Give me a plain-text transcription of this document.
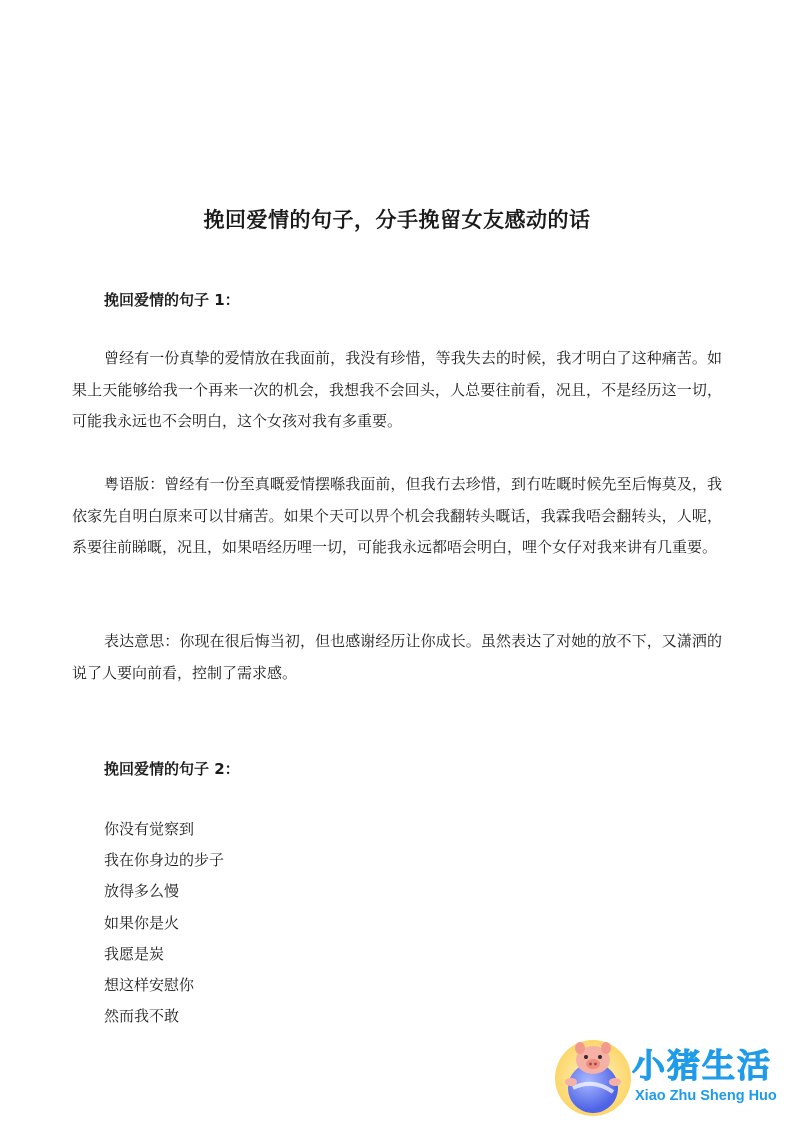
挽回爱情的句子，分手挽留女友感动的话
挽回爱情的句子 1：

曾经有一份真挚的爱情放在我面前，我没有珍惜，等我失去的时候，我才明白了这种痛苦。如果上天能够给我一个再来一次的机会，我想我不会回头，人总要往前看，况且，不是经历这一切，可能我永远也不会明白，这个女孩对我有多重要。

粤语版：曾经有一份至真嘅爱情摆喺我面前，但我冇去珍惜，到冇咗嘅时候先至后悔莫及，我依家先自明白原来可以甘痛苦。如果个天可以畀个机会我翻转头嘅话，我霖我唔会翻转头，人呢，系要往前睇嘅，况且，如果唔经历哩一切，可能我永远都唔会明白，哩个女仔对我来讲有几重要。

表达意思：你现在很后悔当初，但也感谢经历让你成长。虽然表达了对她的放不下，又潇洒的说了人要向前看，控制了需求感。

挽回爱情的句子 2：
你没有觉察到
我在你身边的步子
放得多么慢
如果你是火
我愿是炭
想这样安慰你
然而我不敢
小猪生活
Xiao Zhu Sheng Huo
